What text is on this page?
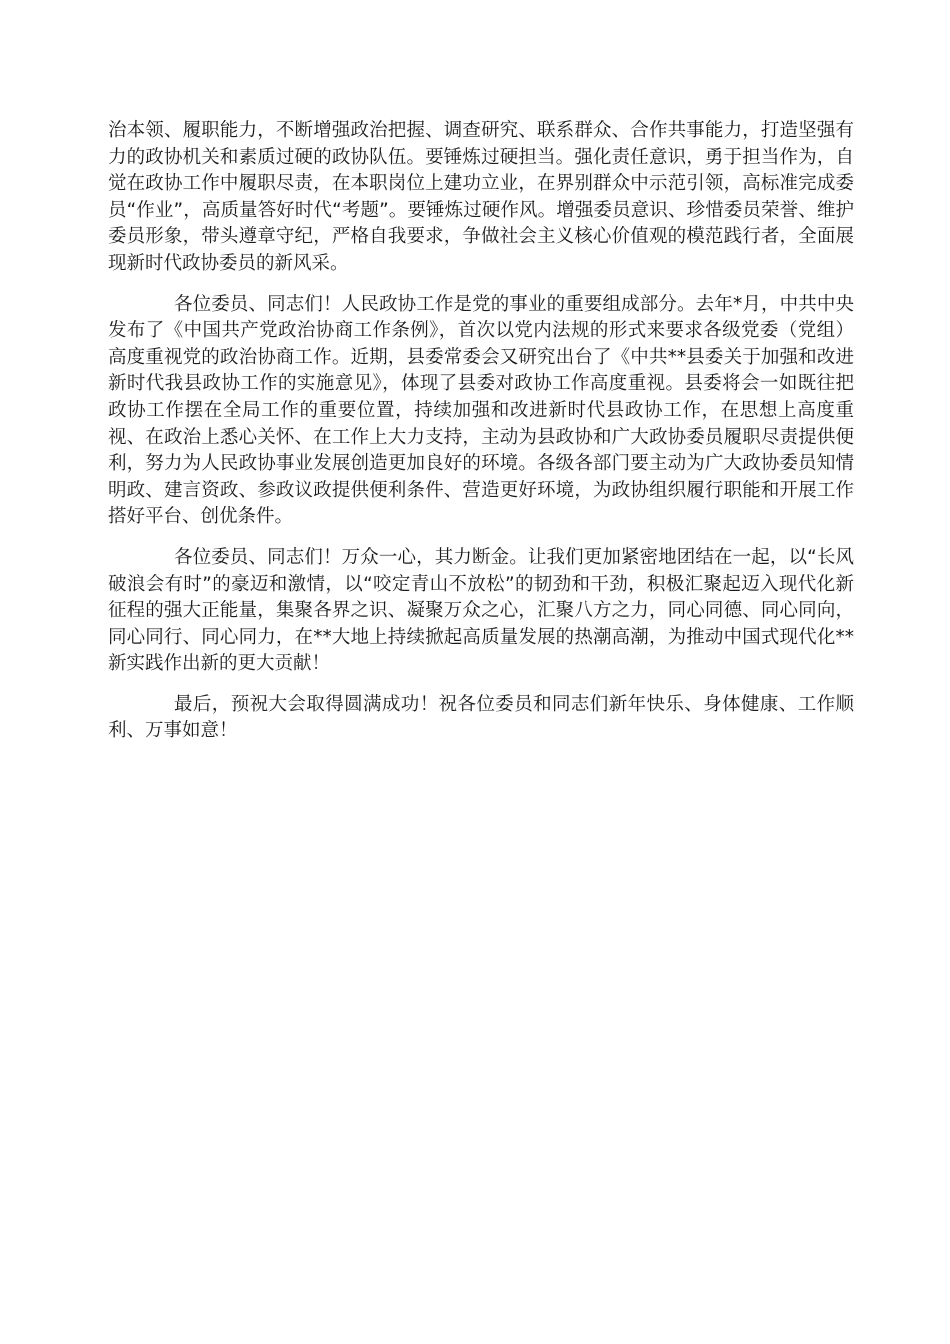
治本领、履职能力，不断增强政治把握、调查研究、联系群众、合作共事能力，打造坚强有力的政协机关和素质过硬的政协队伍。要锤炼过硬担当。强化责任意识，勇于担当作为，自觉在政协工作中履职尽责，在本职岗位上建功立业，在界别群众中示范引领，高标准完成委员“作业”，高质量答好时代“考题”。要锤炼过硬作风。增强委员意识、珍惜委员荣誉、维护委员形象，带头遵章守纪，严格自我要求，争做社会主义核心价值观的模范践行者，全面展现新时代政协委员的新风采。

各位委员、同志们！人民政协工作是党的事业的重要组成部分。去年*月，中共中央发布了《中国共产党政治协商工作条例》，首次以党内法规的形式来要求各级党委（党组）高度重视党的政治协商工作。近期，县委常委会又研究出台了《中共**县委关于加强和改进新时代我县政协工作的实施意见》，体现了县委对政协工作高度重视。县委将会一如既往把政协工作摆在全局工作的重要位置，持续加强和改进新时代县政协工作，在思想上高度重视、在政治上悉心关怀、在工作上大力支持，主动为县政协和广大政协委员履职尽责提供便利，努力为人民政协事业发展创造更加良好的环境。各级各部门要主动为广大政协委员知情明政、建言资政、参政议政提供便利条件、营造更好环境，为政协组织履行职能和开展工作搭好平台、创优条件。

各位委员、同志们！万众一心，其力断金。让我们更加紧密地团结在一起，以“长风破浪会有时”的豪迈和激情，以“咬定青山不放松”的韧劲和干劲，积极汇聚起迈入现代化新征程的强大正能量，集聚各界之识、凝聚万众之心，汇聚八方之力，同心同德、同心同向，同心同行、同心同力，在**大地上持续掀起高质量发展的热潮高潮，为推动中国式现代化**新实践作出新的更大贡献！

最后，预祝大会取得圆满成功！祝各位委员和同志们新年快乐、身体健康、工作顺利、万事如意！
